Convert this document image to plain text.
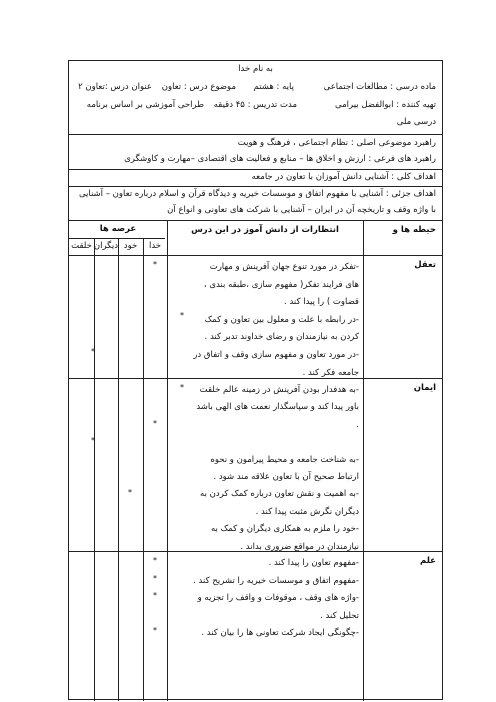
به نام خدا
ماده درسی : مطالعات اجتماعی
پایه : هشتم
موضوع درس : تعاون
عنوان درس :تعاون ۲
تهیه کننده : ابوالفضل بیرامی
مدت تدریس : ۴۵ دقیقه
طراحی آموزشی بر اساس برنامه
درسی ملی
راهبرد موضوعی اصلی : نظام اجتماعی ، فرهنگ و هویت
راهبرد های فرعی : ارزش و اخلاق ها – منابع و فعالیت های اقتصادی –مهارت و کاوشگری
اهداف کلی : آشنایی دانش آموزان با تعاون در جامعه
اهداف جزئی : آشنایی با مفهوم اتفاق و موسسات خیریه و دیدگاه قرآن و اسلام درباره تعاون – آشنایی
با واژه وقف و تاریخچه آن در ایران – آشنایی با شرکت های تعاونی و انواع آن
حیطه ها و
انتظارات از دانش آموز در این درس
عرصه ها
خدا
خود
دیگران
خلقت
تعقل
-تفکر در مورد تنوع جهان آفرینش و مهارت
های فرایند تفکر( مفهوم سازی ،طبقه بندی ،
قضاوت ) را پیدا کند .
-در رابطه با علت و معلول بین تعاون و کمک
کردن به نیازمندان و رضای خداوند تدبر کند .
-در مورد تعاون و مفهوم سازی وقف و اتفاق در
جامعه فکر کند .
*
*
*
ایمان
-به هدفدار بودن آفرینش در زمینه عالم خلقت
باور پیدا کند و سپاسگذار نعمت های الهی باشد
.

-به شناخت جامعه و محیط پیرامون و نحوه
ارتباط صحیح آن با تعاون علاقه مند شود .
-به اهمیت و نقش تعاون درباره کمک کردن به
دیگران نگرش مثبت پیدا کند .
-خود را ملزم به همکاری دیگران و کمک به
نیازمندان در مواقع ضروری بداند .
*
*
*
*
علم
-مفهوم تعاون را پیدا کند .
-مفهوم اتفاق و موسسات خیریه را تشریح کند .
-واژه های وقف ، موقوفات و واقف را تجزیه و
تحلیل کند .
-چگونگی ایجاد شرکت تعاونی ها را بیان کند .
*
*
*
*
